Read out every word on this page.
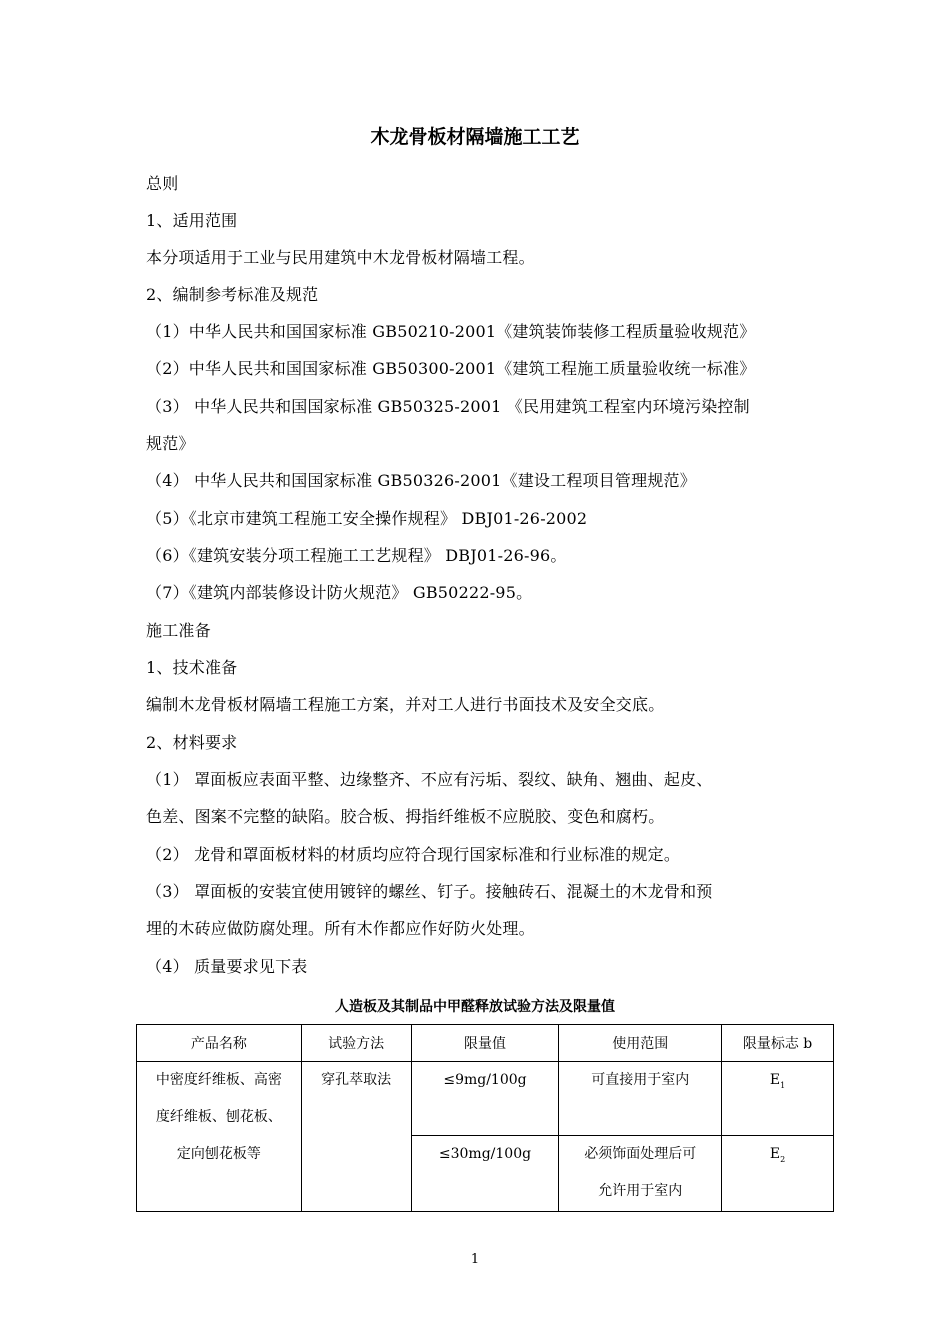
木龙骨板材隔墙施工工艺
总则
1、适用范围
本分项适用于工业与民用建筑中木龙骨板材隔墙工程。
2、编制参考标准及规范
（1）中华人民共和国国家标准 GB50210-2001《建筑装饰装修工程质量验收规范》
（2）中华人民共和国国家标准 GB50300-2001《建筑工程施工质量验收统一标准》
（3） 中华人民共和国国家标准 GB50325-2001 《民用建筑工程室内环境污染控制
规范》
（4） 中华人民共和国国家标准 GB50326-2001《建设工程项目管理规范》
（5）《北京市建筑工程施工安全操作规程》 DBJ01-26-2002
（6）《建筑安装分项工程施工工艺规程》 DBJ01-26-96。
（7）《建筑内部装修设计防火规范》 GB50222-95。
施工准备
1、技术准备
编制木龙骨板材隔墙工程施工方案，并对工人进行书面技术及安全交底。
2、材料要求
（1） 罩面板应表面平整、边缘整齐、不应有污垢、裂纹、缺角、翘曲、起皮、
色差、图案不完整的缺陷。胶合板、拇指纤维板不应脱胶、变色和腐朽。
（2） 龙骨和罩面板材料的材质均应符合现行国家标准和行业标准的规定。
（3） 罩面板的安装宜使用镀锌的螺丝、钉子。接触砖石、混凝土的木龙骨和预
埋的木砖应做防腐处理。所有木作都应作好防火处理。
（4） 质量要求见下表
人造板及其制品中甲醛释放试验方法及限量值
产品名称	试验方法	限量值	使用范围	限量标志 b

中密度纤维板、高密
度纤维板、刨花板、
定向刨花板等	穿孔萃取法	≤9mg/100g	可直接用于室内	$E_1$
		≤30mg/100g	必须饰面处理后可
允许用于室内	$E_2$
1
